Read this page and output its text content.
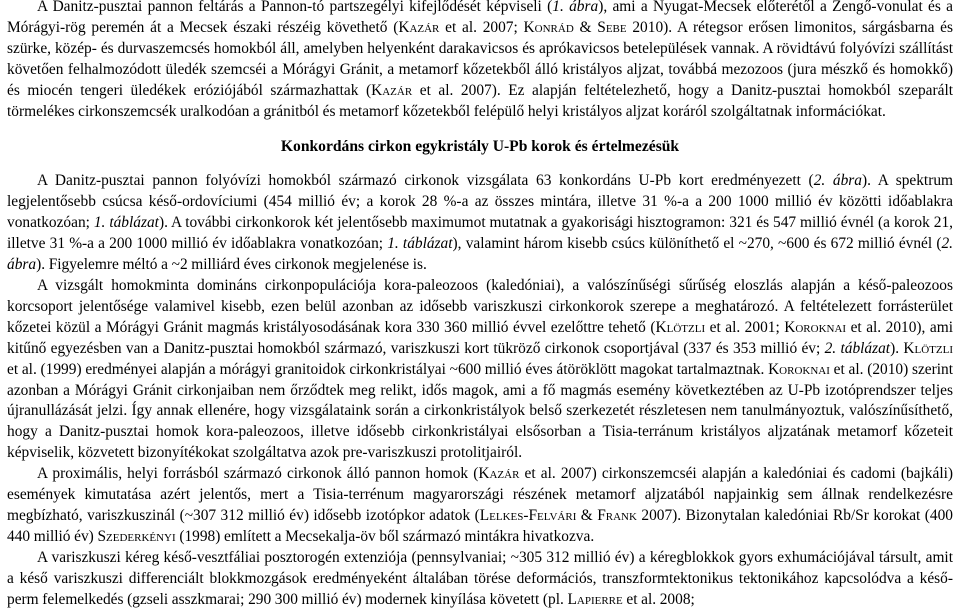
A Danitz-pusztai pannon feltárás a Pannon-tó partszegélyi kifejlődését képviseli (1. ábra), ami a Nyugat-Mecsek előterétől a Zengő-vonulat és a Mórágyi-rög peremén át a Mecsek északi részéig követhető (Kazár et al. 2007; Konrád & Sebe 2010). A rétegsor erősen limonitos, sárgásbarna és szürke, közép- és durvaszemcsés homokból áll, amelyben helyenként darakavicsos és aprókavicsos betelepülések vannak. A rövidtávú folyóvízi szállítást követően felhalmozódott üledék szemcséi a Mórágyi Gránit, a metamorf kőzetekből álló kristályos aljzat, továbbá mezozoos (jura mészkő és homokkő) és miocén tengeri üledékek eróziójából származhattak (Kazár et al. 2007). Ez alapján feltételezhető, hogy a Danitz-pusztai homokból szeparált törmelékes cirkonszemcsék uralkodóan a gránitból és metamorf kőzetekből felépülő helyi kristályos aljzat koráról szolgáltatnak információkat.

Konkordáns cirkon egykristály U-Pb korok és értelmezésük

A Danitz-pusztai pannon folyóvízi homokból származó cirkonok vizsgálata 63 konkordáns U-Pb kort eredményezett (2. ábra). A spektrum legjelentősebb csúcsa késő-ordovíciumi (454 millió év; a korok 28 %-a az összes mintára, illetve 31 %-a a 200 1000 millió év közötti időablakra vonatkozóan; 1. táblázat). A további cirkonkorok két jelentősebb maximumot mutatnak a gyakorisági hisztogramon: 321 és 547 millió évnél (a korok 21, illetve 31 %-a a 200 1000 millió év időablakra vonatkozóan; 1. táblázat), valamint három kisebb csúcs különíthető el ~270, ~600 és 672 millió évnél (2. ábra). Figyelemre méltó a ~2 milliárd éves cirkonok megjelenése is.

A vizsgált homokminta domináns cirkonpopulációja kora-paleozoos (kaledóniai), a valószínűségi sűrűség eloszlás alapján a késő-paleozoos korcsoport jelentősége valamivel kisebb, ezen belül azonban az idősebb variszkuszi cirkonkorok szerepe a meghatározó. A feltételezett forrásterület kőzetei közül a Mórágyi Gránit magmás kristályosodásának kora 330 360 millió évvel ezelőttre tehető (Klötzli et al. 2001; Koroknai et al. 2010), ami kitűnő egyezésben van a Danitz-pusztai homokból származó, variszkuszi kort tükröző cirkonok csoportjával (337 és 353 millió év; 2. táblázat). Klötzli et al. (1999) eredményei alapján a mórágyi granitoidok cirkonkristályai ~600 millió éves átöröklött magokat tartalmaztnak. Koroknai et al. (2010) szerint azonban a Mórágyi Gránit cirkonjaiban nem őrződtek meg relikt, idős magok, ami a fő magmás esemény következtében az U-Pb izotóprendszer teljes újranullázását jelzi. Így annak ellenére, hogy vizsgálataink során a cirkonkristályok belső szerkezetét részletesen nem tanulmányoztuk, valószínűsíthető, hogy a Danitz-pusztai homok kora-paleozoos, illetve idősebb cirkonkristályai elsősorban a Tisia-terránum kristályos aljzatának metamorf kőzeteit képviselik, közvetett bizonyítékokat szolgáltatva azok pre-variszkuszi protolitjairól.

A proximális, helyi forrásból származó cirkonok álló pannon homok (Kazár et al. 2007) cirkonszemcséi alapján a kaledóniai és cadomi (bajkáli) események kimutatása azért jelentős, mert a Tisia-terrénum magyarországi részének metamorf aljzatából napjainkig sem állnak rendelkezésre megbízható, variszkuszinál (~307 312 millió év) idősebb izotópkor adatok (Lelkes-Felvári & Frank 2007). Bizonytalan kaledóniai Rb/Sr korokat (400 440 millió év) Szederkényi (1998) említett a Mecsekalja-öv ből származó mintákra hivatkozva.

A variszkuszi kéreg késő-vesztfáliai posztorogén extenziója (pennsylvaniai; ~305 312 millió év) a kéregblokkok gyors exhumációjával társult, amit a késő variszkuszi differenciált blokkmozgások eredményeként általában törése deformációs, transzformtektonikus tektonikához kapcsolódva a késő-perm felemelkedés (gzseli asszkmarai; 290 300 millió év) modernek kinyílása követett (pl. Lapierre et al. 2008;
